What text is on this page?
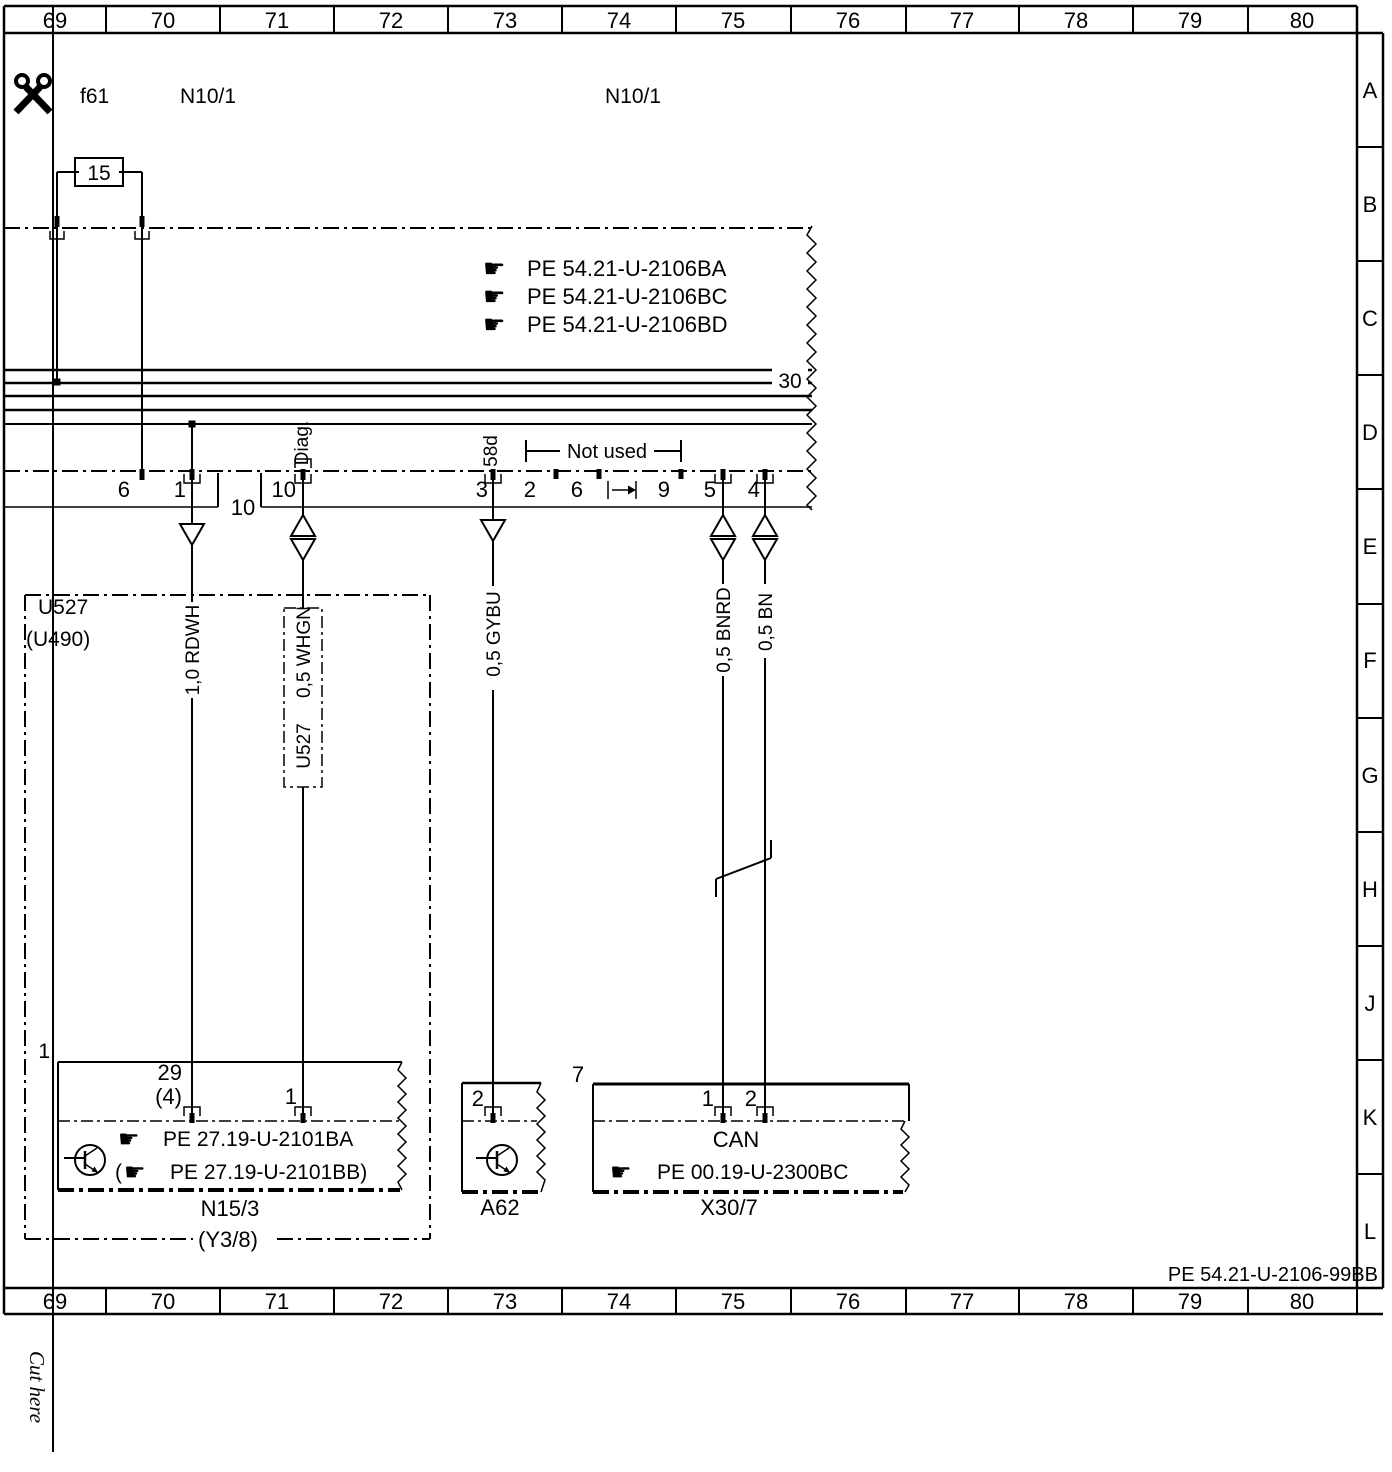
69	70	71	72	73	74	75	76	77	78	79	80
69	70	71	72	73	74	75	76	77	78	79	80
A
B
C
D
E
F
G
H
J
K
L
Cut here
f61	N10/1	N10/1
15
☛ PE 54.21-U-2106BA
☛ PE 54.21-U-2106BC
☛ PE 54.21-U-2106BD
30
10
6 1	10	3 2 6	9 5 4
Diag.	58d	Not used
1,0 RDWH	0,5 GYBU	0,5 BNRD 0,5 BN
U527
(U490)
1
0,5 WHGN
U527
29
(4)	1
☛ PE 27.19-U-2101BA
( ☛ PE 27.19-U-2101BB)
N15/3
(Y3/8)
2
A62
7
1 2
CAN
☛ PE 00.19-U-2300BC
X30/7
PE 54.21-U-2106-99BB
